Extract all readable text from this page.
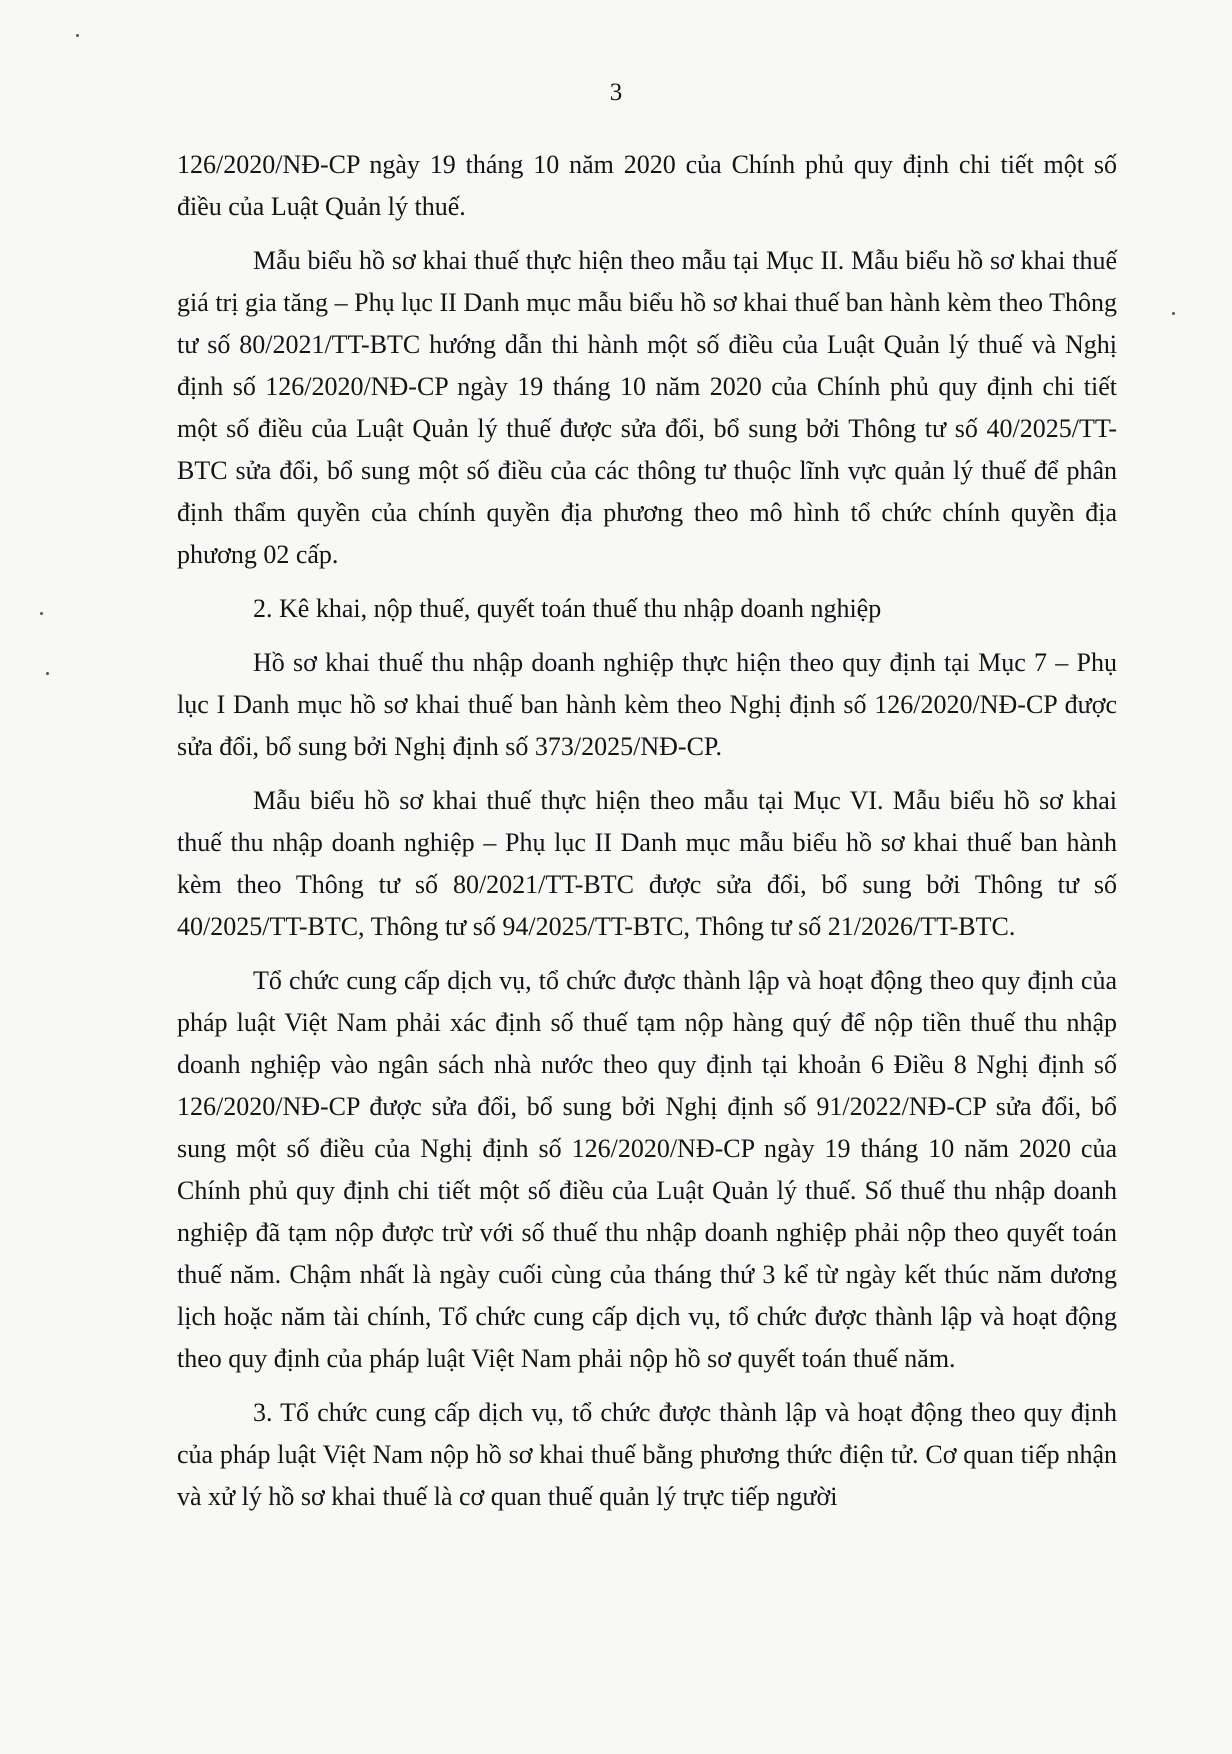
3

126/2020/NĐ-CP ngày 19 tháng 10 năm 2020 của Chính phủ quy định chi tiết một số điều của Luật Quản lý thuế.

Mẫu biểu hồ sơ khai thuế thực hiện theo mẫu tại Mục II. Mẫu biểu hồ sơ khai thuế giá trị gia tăng – Phụ lục II Danh mục mẫu biểu hồ sơ khai thuế ban hành kèm theo Thông tư số 80/2021/TT-BTC hướng dẫn thi hành một số điều của Luật Quản lý thuế và Nghị định số 126/2020/NĐ-CP ngày 19 tháng 10 năm 2020 của Chính phủ quy định chi tiết một số điều của Luật Quản lý thuế được sửa đổi, bổ sung bởi Thông tư số 40/2025/TT-BTC sửa đổi, bổ sung một số điều của các thông tư thuộc lĩnh vực quản lý thuế để phân định thẩm quyền của chính quyền địa phương theo mô hình tổ chức chính quyền địa phương 02 cấp.

2. Kê khai, nộp thuế, quyết toán thuế thu nhập doanh nghiệp

Hồ sơ khai thuế thu nhập doanh nghiệp thực hiện theo quy định tại Mục 7 – Phụ lục I Danh mục hồ sơ khai thuế ban hành kèm theo Nghị định số 126/2020/NĐ-CP được sửa đổi, bổ sung bởi Nghị định số 373/2025/NĐ-CP.

Mẫu biểu hồ sơ khai thuế thực hiện theo mẫu tại Mục VI. Mẫu biểu hồ sơ khai thuế thu nhập doanh nghiệp – Phụ lục II Danh mục mẫu biểu hồ sơ khai thuế ban hành kèm theo Thông tư số 80/2021/TT-BTC được sửa đổi, bổ sung bởi Thông tư số 40/2025/TT-BTC, Thông tư số 94/2025/TT-BTC, Thông tư số 21/2026/TT-BTC.

Tổ chức cung cấp dịch vụ, tổ chức được thành lập và hoạt động theo quy định của pháp luật Việt Nam phải xác định số thuế tạm nộp hàng quý để nộp tiền thuế thu nhập doanh nghiệp vào ngân sách nhà nước theo quy định tại khoản 6 Điều 8 Nghị định số 126/2020/NĐ-CP được sửa đổi, bổ sung bởi Nghị định số 91/2022/NĐ-CP sửa đổi, bổ sung một số điều của Nghị định số 126/2020/NĐ-CP ngày 19 tháng 10 năm 2020 của Chính phủ quy định chi tiết một số điều của Luật Quản lý thuế. Số thuế thu nhập doanh nghiệp đã tạm nộp được trừ với số thuế thu nhập doanh nghiệp phải nộp theo quyết toán thuế năm. Chậm nhất là ngày cuối cùng của tháng thứ 3 kể từ ngày kết thúc năm dương lịch hoặc năm tài chính, Tổ chức cung cấp dịch vụ, tổ chức được thành lập và hoạt động theo quy định của pháp luật Việt Nam phải nộp hồ sơ quyết toán thuế năm.

3. Tổ chức cung cấp dịch vụ, tổ chức được thành lập và hoạt động theo quy định của pháp luật Việt Nam nộp hồ sơ khai thuế bằng phương thức điện tử. Cơ quan tiếp nhận và xử lý hồ sơ khai thuế là cơ quan thuế quản lý trực tiếp người
